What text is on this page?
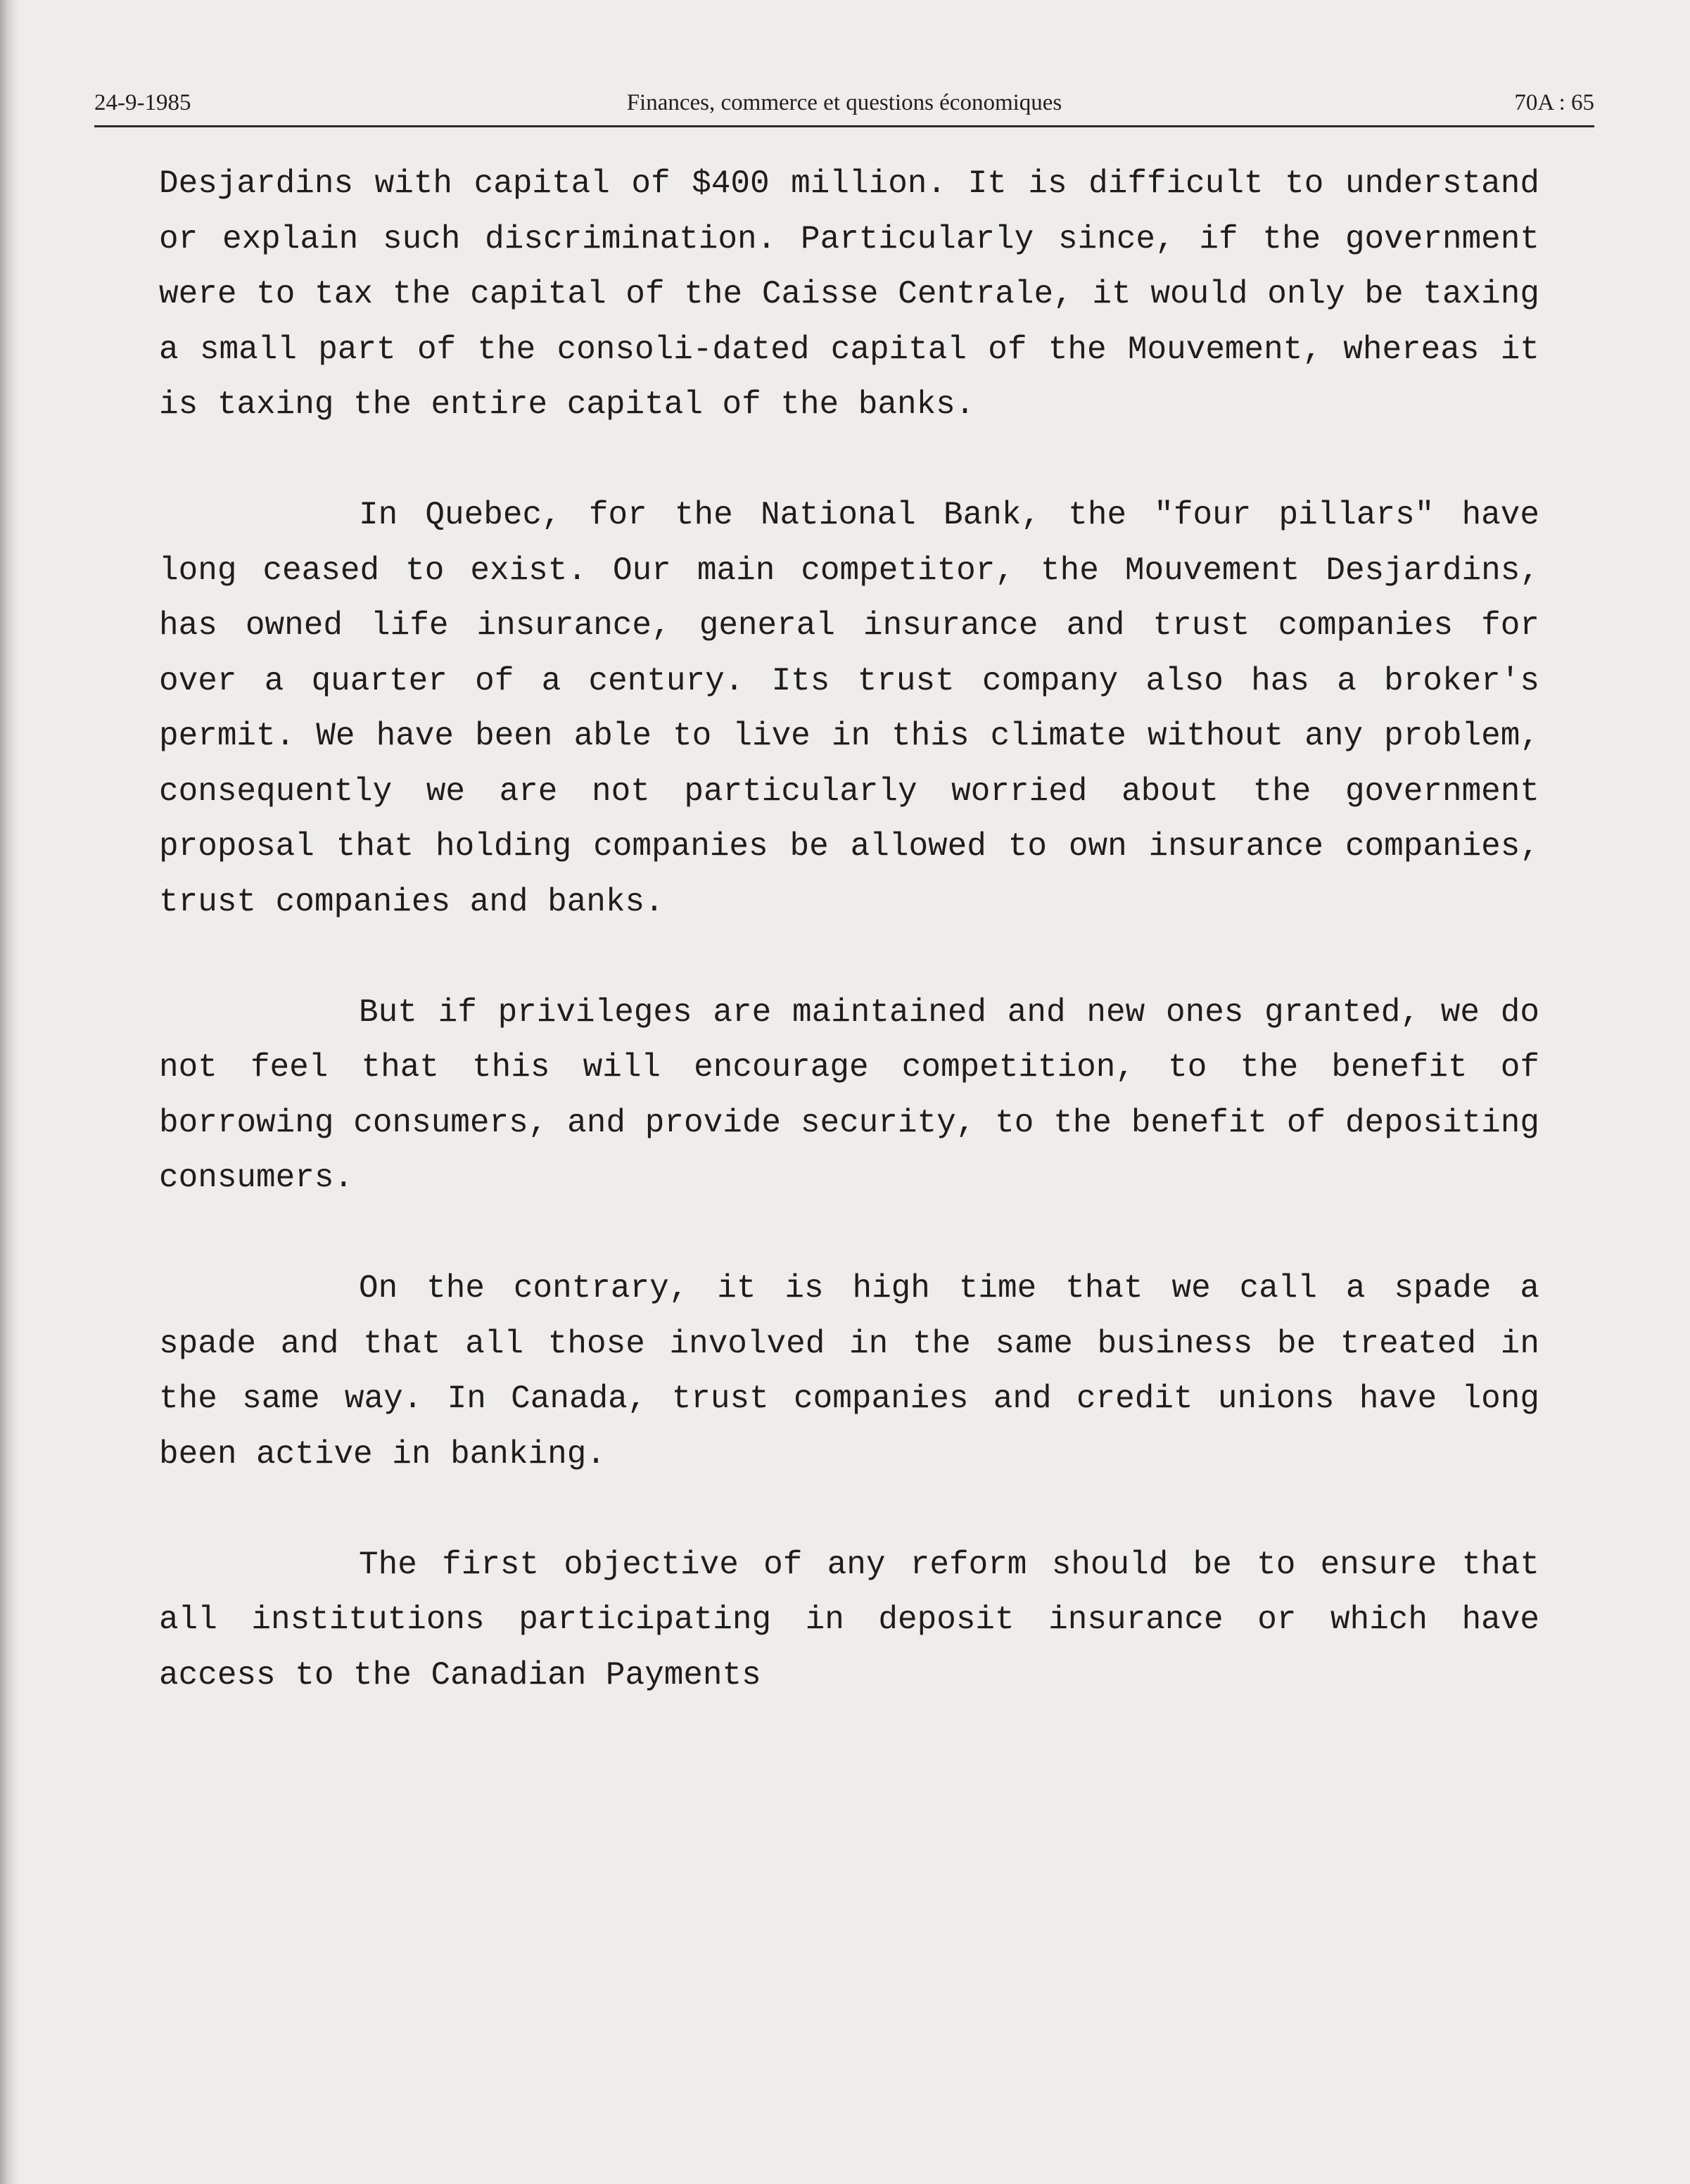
24-9-1985	Finances, commerce et questions économiques	70A : 65

Desjardins with capital of $400 million. It is difficult to understand or explain such discrimination. Particularly since, if the government were to tax the capital of the Caisse Centrale, it would only be taxing a small part of the consoli-dated capital of the Mouvement, whereas it is taxing the entire capital of the banks.

In Quebec, for the National Bank, the "four pillars" have long ceased to exist. Our main competitor, the Mouvement Desjardins, has owned life insurance, general insurance and trust companies for over a quarter of a century. Its trust company also has a broker's permit. We have been able to live in this climate without any problem, consequently we are not particularly worried about the government proposal that holding companies be allowed to own insurance companies, trust companies and banks.

But if privileges are maintained and new ones granted, we do not feel that this will encourage competition, to the benefit of borrowing consumers, and provide security, to the benefit of depositing consumers.

On the contrary, it is high time that we call a spade a spade and that all those involved in the same business be treated in the same way. In Canada, trust companies and credit unions have long been active in banking.

The first objective of any reform should be to ensure that all institutions participating in deposit insurance or which have access to the Canadian Payments
